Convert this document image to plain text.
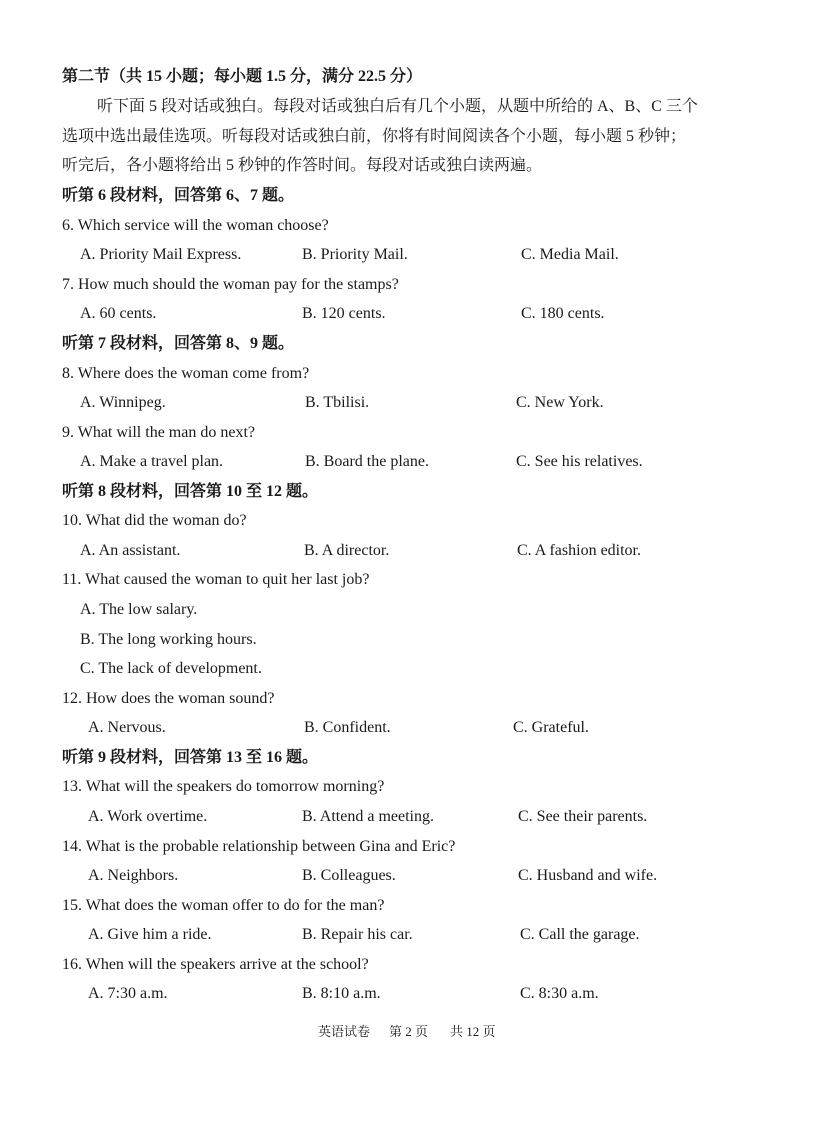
第二节（共 15 小题；每小题 1.5 分，满分 22.5 分）
听下面 5 段对话或独白。每段对话或独白后有几个小题，从题中所给的 A、B、C 三个
选项中选出最佳选项。听每段对话或独白前，你将有时间阅读各个小题，每小题 5 秒钟；
听完后，各小题将给出 5 秒钟的作答时间。每段对话或独白读两遍。
听第 6 段材料，回答第 6、7 题。
6. Which service will the woman choose?
A. Priority Mail Express.	B. Priority Mail.	C. Media Mail.
7. How much should the woman pay for the stamps?
A. 60 cents.	B. 120 cents.	C. 180 cents.
听第 7 段材料，回答第 8、9 题。
8. Where does the woman come from?
A. Winnipeg.	B. Tbilisi.	C. New York.
9. What will the man do next?
A. Make a travel plan.	B. Board the plane.	C. See his relatives.
听第 8 段材料，回答第 10 至 12 题。
10. What did the woman do?
A. An assistant.	B. A director.	C. A fashion editor.
11. What caused the woman to quit her last job?
A. The low salary.
B. The long working hours.
C. The lack of development.
12. How does the woman sound?
A. Nervous.	B. Confident.	C. Grateful.
听第 9 段材料，回答第 13 至 16 题。
13. What will the speakers do tomorrow morning?
A. Work overtime.	B. Attend a meeting.	C. See their parents.
14. What is the probable relationship between Gina and Eric?
A. Neighbors.	B. Colleagues.	C. Husband and wife.
15. What does the woman offer to do for the man?
A. Give him a ride.	B. Repair his car.	C. Call the garage.
16. When will the speakers arrive at the school?
A. 7:30 a.m.	B. 8:10 a.m.	C. 8:30 a.m.
英语试卷 第 2 页 共 12 页
